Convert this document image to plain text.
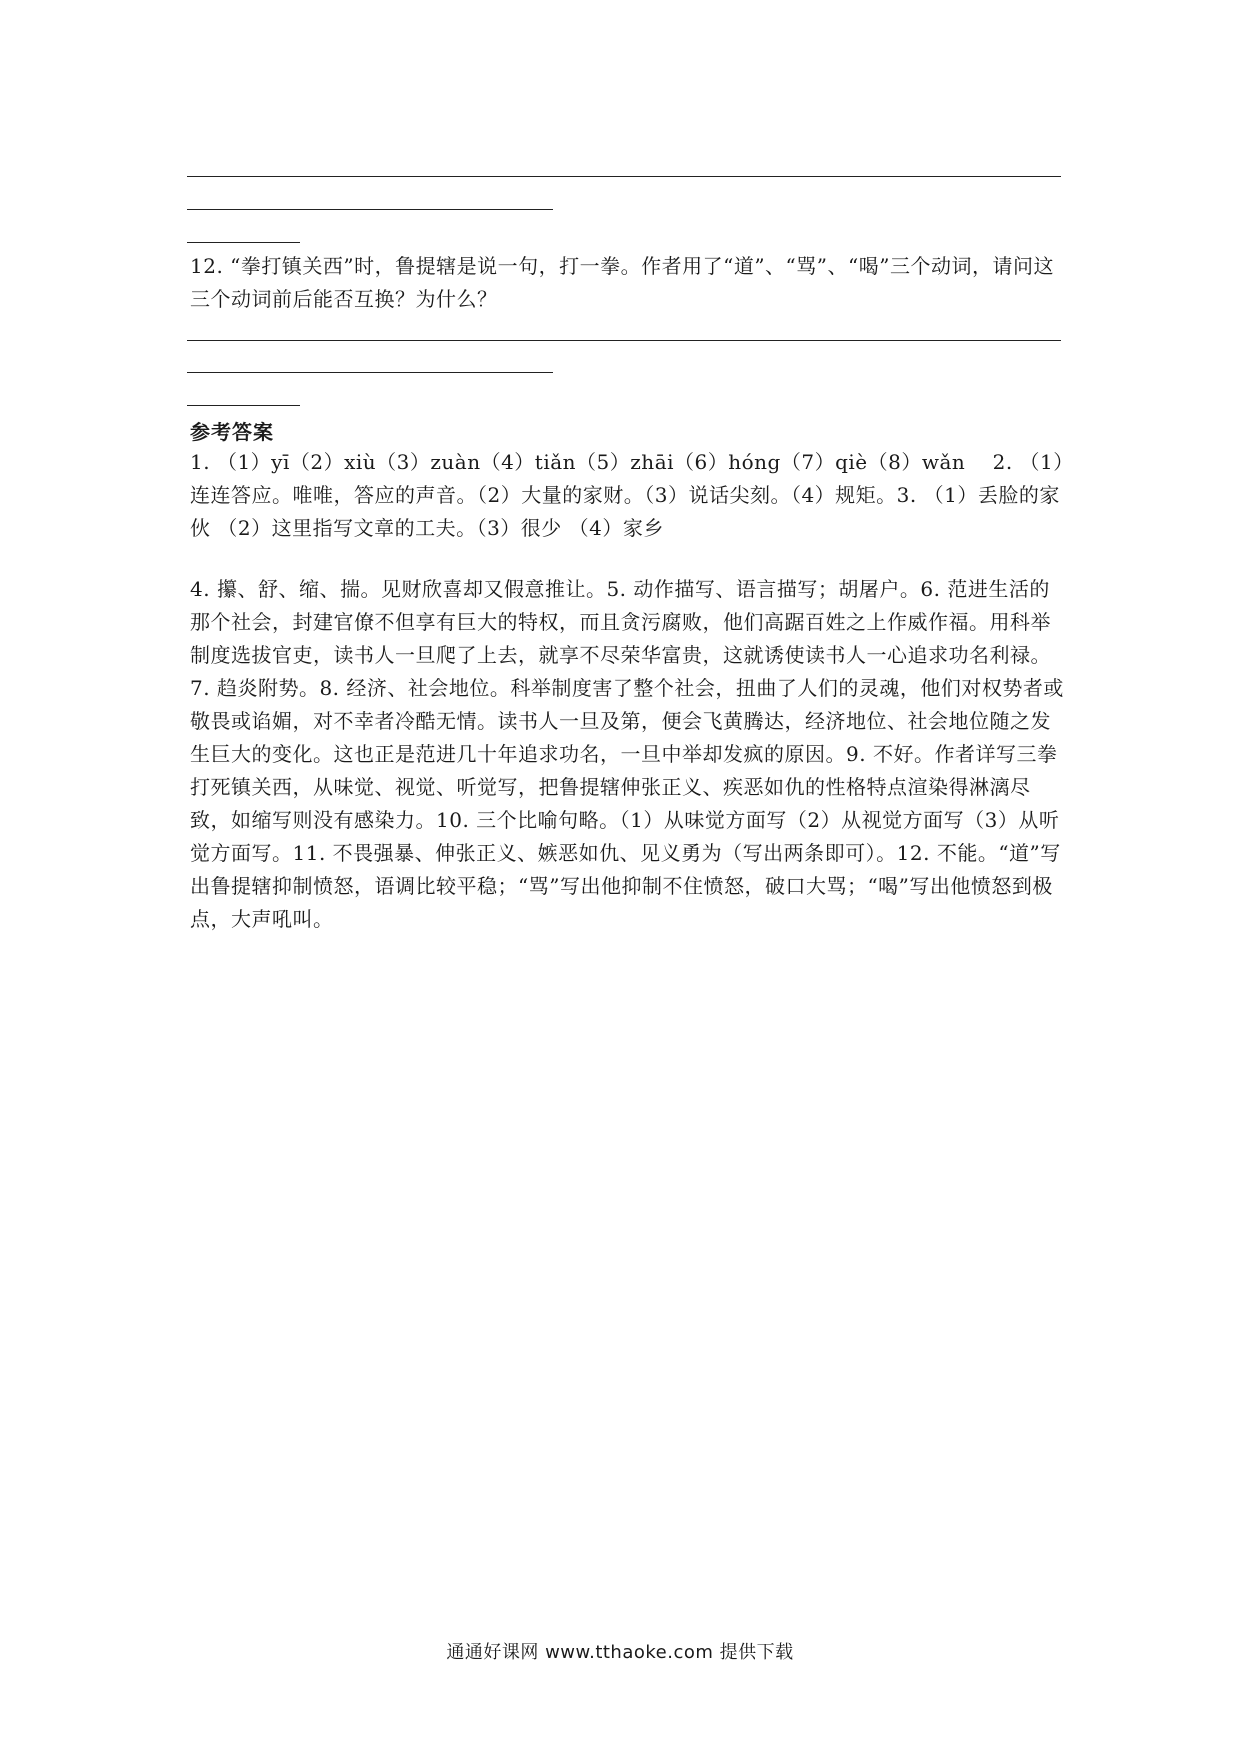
12. “拳打镇关西”时，鲁提辖是说一句，打一拳。作者用了“道”、“骂”、“喝”三个动词，请问这三个动词前后能否互换？为什么？

参考答案

1. （1）yī（2）xiù（3）zuàn（4）tiǎn（5）zhāi（6）hóng（7）qiè（8）wǎn　 2. （1）连连答应。唯唯，答应的声音。（2）大量的家财。（3）说话尖刻。（4）规矩。3. （1）丢脸的家伙 （2）这里指写文章的工夫。（3）很少 （4）家乡

4. 攥、舒、缩、揣。见财欣喜却又假意推让。5. 动作描写、语言描写；胡屠户。6. 范进生活的那个社会，封建官僚不但享有巨大的特权，而且贪污腐败，他们高踞百姓之上作威作福。用科举制度选拔官吏，读书人一旦爬了上去，就享不尽荣华富贵，这就诱使读书人一心追求功名利禄。7. 趋炎附势。8. 经济、社会地位。科举制度害了整个社会，扭曲了人们的灵魂，他们对权势者或敬畏或谄媚，对不幸者冷酷无情。读书人一旦及第，便会飞黄腾达，经济地位、社会地位随之发生巨大的变化。这也正是范进几十年追求功名，一旦中举却发疯的原因。9. 不好。作者详写三拳打死镇关西，从味觉、视觉、听觉写，把鲁提辖伸张正义、疾恶如仇的性格特点渲染得淋漓尽致，如缩写则没有感染力。10. 三个比喻句略。（1）从味觉方面写（2）从视觉方面写（3）从听觉方面写。11. 不畏强暴、伸张正义、嫉恶如仇、见义勇为（写出两条即可）。12. 不能。“道”写出鲁提辖抑制愤怒，语调比较平稳；“骂”写出他抑制不住愤怒，破口大骂；“喝”写出他愤怒到极点，大声吼叫。

通通好课网 www.tthaoke.com 提供下载
